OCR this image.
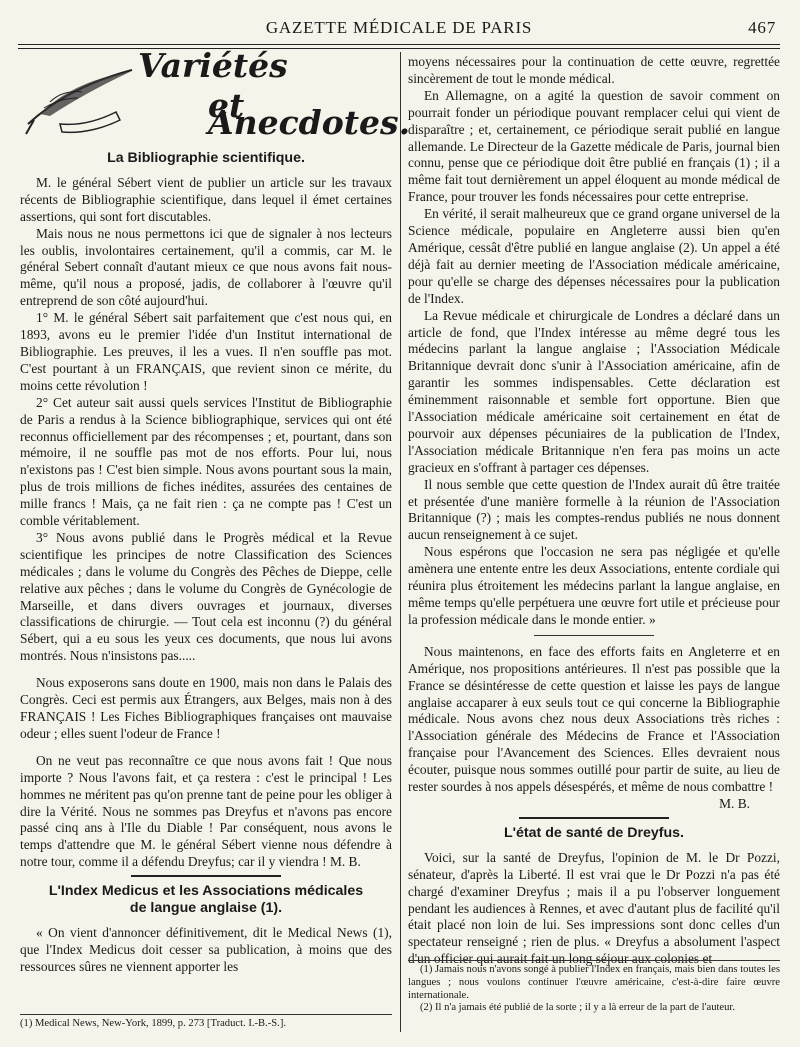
GAZETTE MÉDICALE DE PARIS	467
Variétés
et Anecdotes.
La Bibliographie scientifique.

M. le général Sébert vient de publier un article sur les travaux récents de Bibliographie scientifique, dans lequel il émet certaines assertions, qui sont fort discutables.

Mais nous ne nous permettons ici que de signaler à nos lecteurs les oublis, involontaires certainement, qu'il a commis, car M. le général Sebert connaît d'autant mieux ce que nous avons fait nous-même, qu'il nous a proposé, jadis, de collaborer à l'œuvre qu'il entreprend de son côté aujourd'hui.

1° M. le général Sébert sait parfaitement que c'est nous qui, en 1893, avons eu le premier l'idée d'un Institut international de Bibliographie. Les preuves, il les a vues. Il n'en souffle pas mot. C'est pourtant à un FRANÇAIS, que revient sinon ce mérite, du moins cette révolution !

2° Cet auteur sait aussi quels services l'Institut de Bibliographie de Paris a rendus à la Science bibliographique, services qui ont été reconnus officiellement par des récompenses ; et, pourtant, dans son mémoire, il ne souffle pas mot de nos efforts. Pour lui, nous n'existons pas ! C'est bien simple. Nous avons pourtant sous la main, plus de trois millions de fiches inédites, assurées des centaines de mille francs ! Mais, ça ne fait rien : ça ne compte pas ! C'est un comble véritablement.

3° Nous avons publié dans le Progrès médical et la Revue scientifique les principes de notre Classification des Sciences médicales ; dans le volume du Congrès des Pêches de Dieppe, celle relative aux pêches ; dans le volume du Congrès de Gynécologie de Marseille, et dans divers ouvrages et journaux, diverses classifications de chirurgie. — Tout cela est inconnu (?) du général Sébert, qui a eu sous les yeux ces documents, que nous lui avons montrés. Nous n'insistons pas.....

Nous exposerons sans doute en 1900, mais non dans le Palais des Congrès. Ceci est permis aux Étrangers, aux Belges, mais non à des FRANÇAIS ! Les Fiches Bibliographiques françaises ont mauvaise odeur ; elles suent l'odeur de France !

On ne veut pas reconnaître ce que nous avons fait ! Que nous importe ? Nous l'avons fait, et ça restera : c'est le principal ! Les hommes ne méritent pas qu'on prenne tant de peine pour les obliger à dire la Vérité. Nous ne sommes pas Dreyfus et n'avons pas encore passé cinq ans à l'Ile du Diable ! Par conséquent, nous avons le temps d'attendre que M. le général Sébert vienne nous défendre à notre tour, comme il a défendu Dreyfus; car il y viendra ! M. B.

L'Index Medicus et les Associations médicales
de langue anglaise (1).

« On vient d'annoncer définitivement, dit le Medical News (1), que l'Index Medicus doit cesser sa publication, à moins que des ressources sûres ne viennent apporter les

(1) Medical News, New-York, 1899, p. 273 [Traduct. I.-B.-S.].

moyens nécessaires pour la continuation de cette œuvre, regrettée sincèrement de tout le monde médical.

En Allemagne, on a agité la question de savoir comment on pourrait fonder un périodique pouvant remplacer celui qui vient de disparaître ; et, certainement, ce périodique serait publié en langue allemande. Le Directeur de la Gazette médicale de Paris, journal bien connu, pense que ce périodique doit être publié en français (1) ; il a même fait tout dernièrement un appel éloquent au monde médical de France, pour trouver les fonds nécessaires pour cette entreprise.

En vérité, il serait malheureux que ce grand organe universel de la Science médicale, populaire en Angleterre aussi bien qu'en Amérique, cessât d'être publié en langue anglaise (2). Un appel a été déjà fait au dernier meeting de l'Association médicale américaine, pour qu'elle se charge des dépenses nécessaires pour la publication de l'Index.

La Revue médicale et chirurgicale de Londres a déclaré dans un article de fond, que l'Index intéresse au même degré tous les médecins parlant la langue anglaise ; l'Association Médicale Britannique devrait donc s'unir à l'Association américaine, afin de garantir les sommes indispensables. Cette déclaration est éminemment raisonnable et semble fort opportune. Bien que l'Association médicale américaine soit certainement en état de pourvoir aux dépenses pécuniaires de la publication de l'Index, l'Association médicale Britannique n'en fera pas moins un acte gracieux en s'offrant à partager ces dépenses.

Il nous semble que cette question de l'Index aurait dû être traitée et présentée d'une manière formelle à la réunion de l'Association Britannique (?) ; mais les comptes-rendus publiés ne nous donnent aucun renseignement à ce sujet.

Nous espérons que l'occasion ne sera pas négligée et qu'elle amènera une entente entre les deux Associations, entente cordiale qui réunira plus étroitement les médecins parlant la langue anglaise, en même temps qu'elle perpétuera une œuvre fort utile et précieuse pour la profession médicale dans le monde entier. »

Nous maintenons, en face des efforts faits en Angleterre et en Amérique, nos propositions antérieures. Il n'est pas possible que la France se désintéresse de cette question et laisse les pays de langue anglaise accaparer à eux seuls tout ce qui concerne la Bibliographie médicale. Nous avons chez nous deux Associations très riches : l'Association générale des Médecins de France et l'Association française pour l'Avancement des Sciences. Elles devraient nous écouter, puisque nous sommes outillé pour partir de suite, au lieu de rester sourdes à nos appels désespérés, et même de nous combattre !

M. B.
L'état de santé de Dreyfus.

Voici, sur la santé de Dreyfus, l'opinion de M. le Dr Pozzi, sénateur, d'après la Liberté. Il est vrai que le Dr Pozzi n'a pas été chargé d'examiner Dreyfus ; mais il a pu l'observer longuement pendant les audiences à Rennes, et avec d'autant plus de facilité qu'il était placé non loin de lui. Ses impressions sont donc celles d'un spectateur renseigné ; rien de plus. « Dreyfus a absolument l'aspect d'un officier qui aurait fait un long séjour aux colonies et

(1) Jamais nous n'avons songé à publier l'Index en français, mais bien dans toutes les langues ; nous voulons continuer l'œuvre américaine, c'est-à-dire faire œuvre internationale.

(2) Il n'a jamais été publié de la sorte ; il y a là erreur de la part de l'auteur.
